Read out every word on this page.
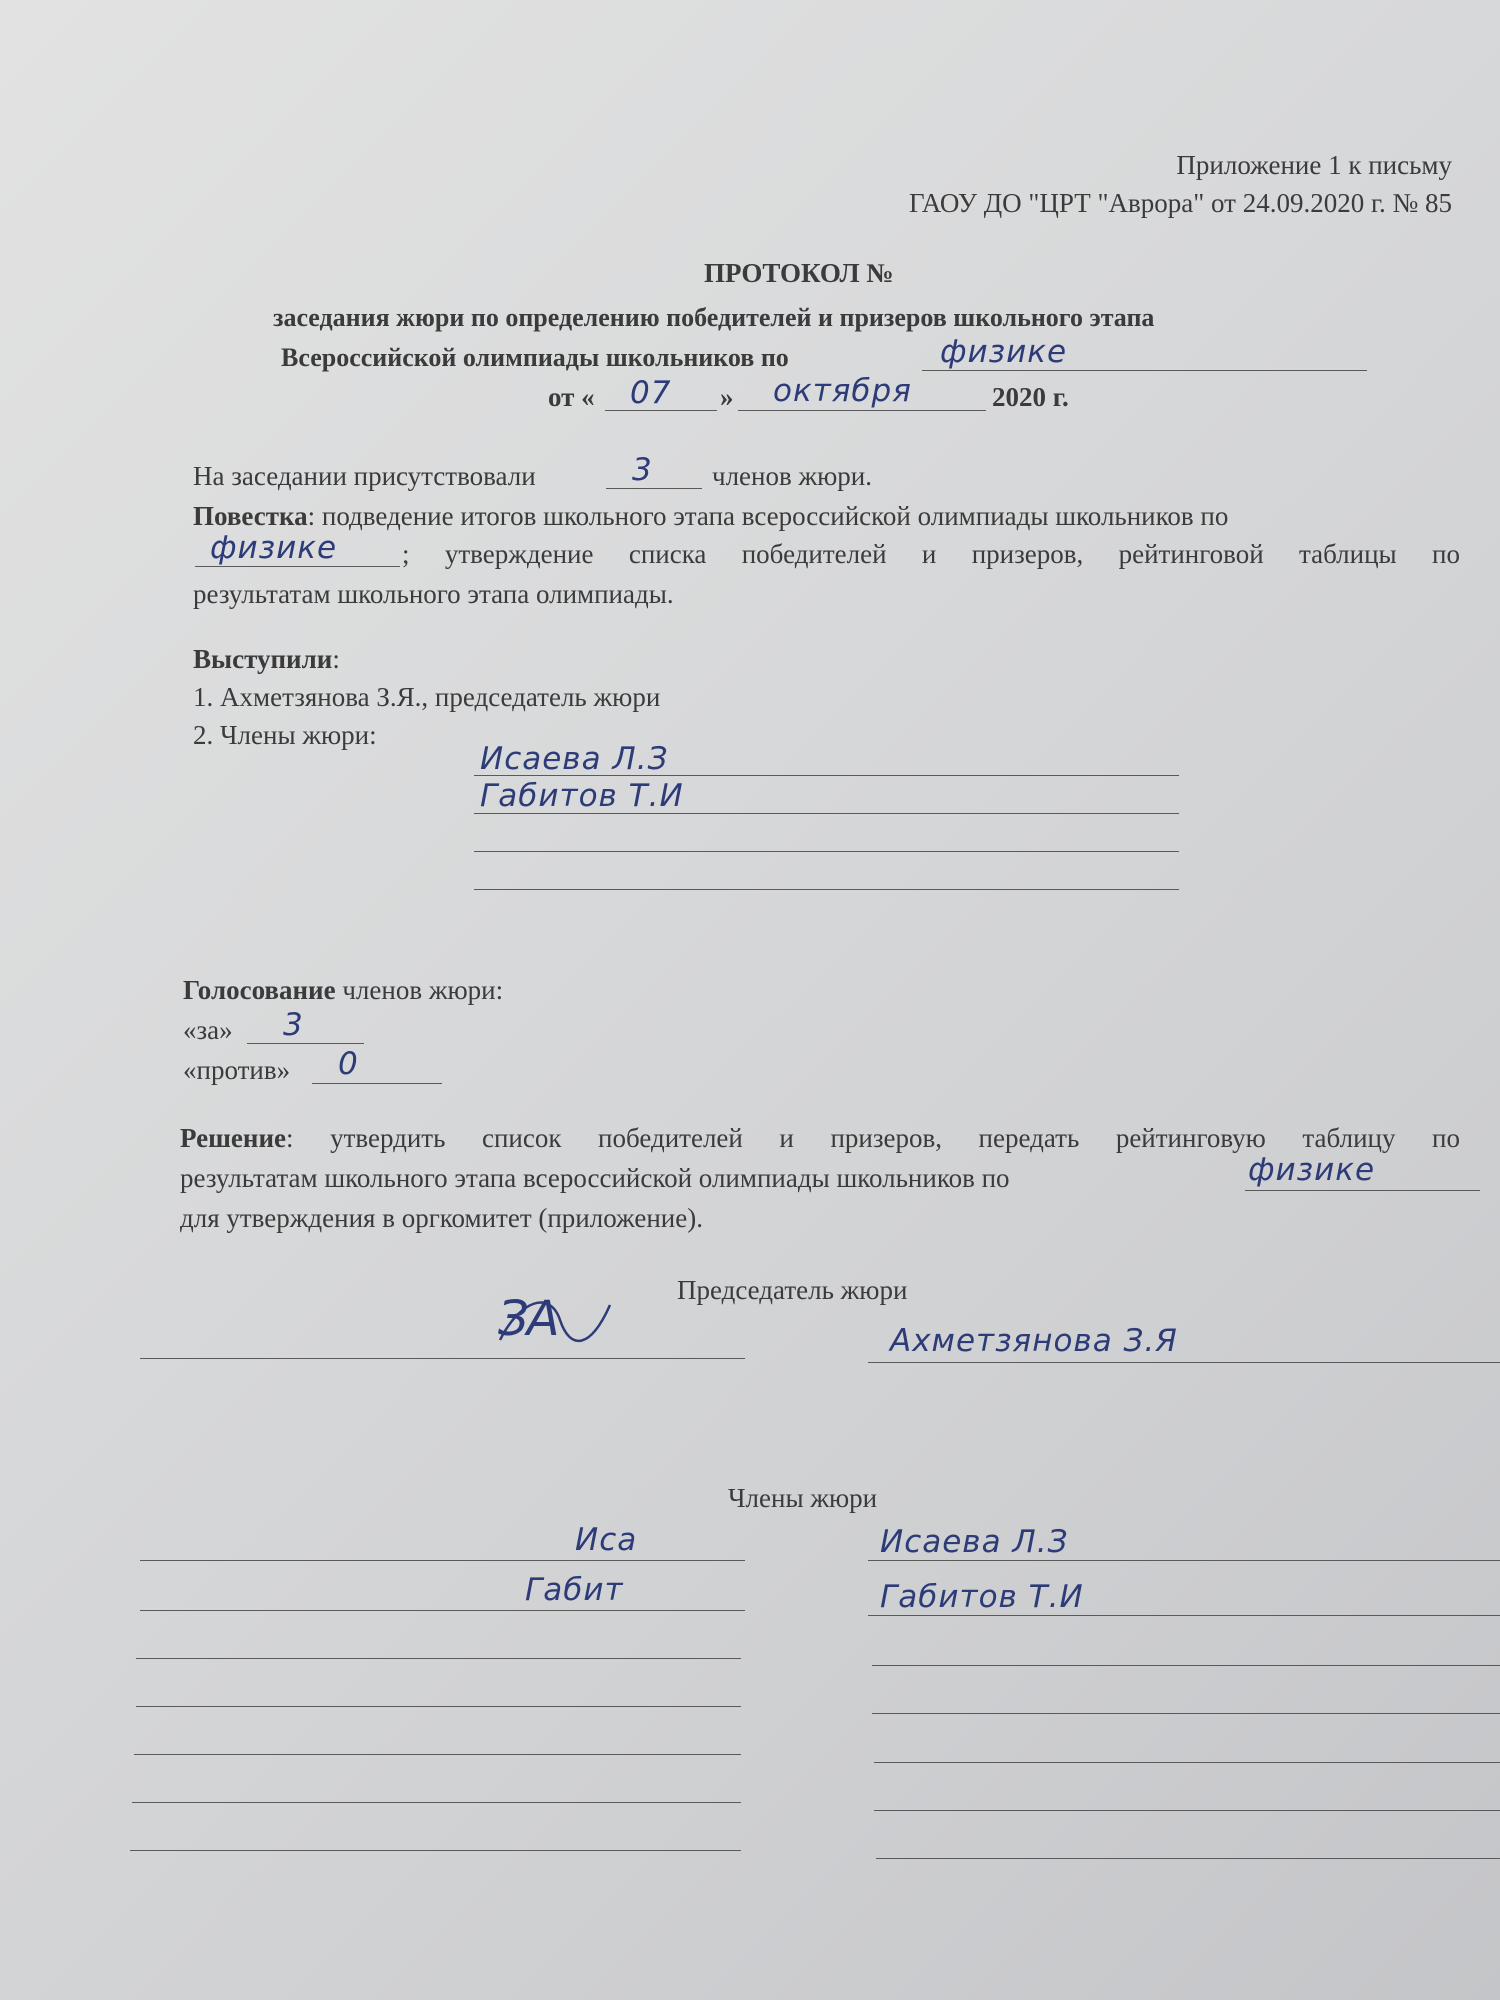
Приложение 1 к письму
ГАОУ ДО "ЦРТ "Аврора" от 24.09.2020 г. № 85
ПРОТОКОЛ №
заседания жюри по определению победителей и призеров школьного этапа
Всероссийской олимпиады школьников по	физике
от « 07 » октября	2020 г.
На заседании присутствовали	3 членов жюри.
Повестка: подведение итогов школьного этапа всероссийской олимпиады школьников по
физике ; утверждение списка победителей и призеров, рейтинговой таблицы по
результатам школьного этапа олимпиады.
Выступили:
1. Ахметзянова З.Я., председатель жюри
2. Члены жюри:
Исаева Л.З
Габитов Т.И
Голосование членов жюри:
«за» 3
«против» 0
Решение: утвердить список победителей и призеров, передать рейтинговую таблицу по
результатам школьного этапа всероссийской олимпиады школьников по	физике
для утверждения в оргкомитет (приложение).
Председатель жюри
ЗА	Ахметзянова З.Я
Члены жюри
Иса	Исаева Л.З
Габит	Габитов Т.И
